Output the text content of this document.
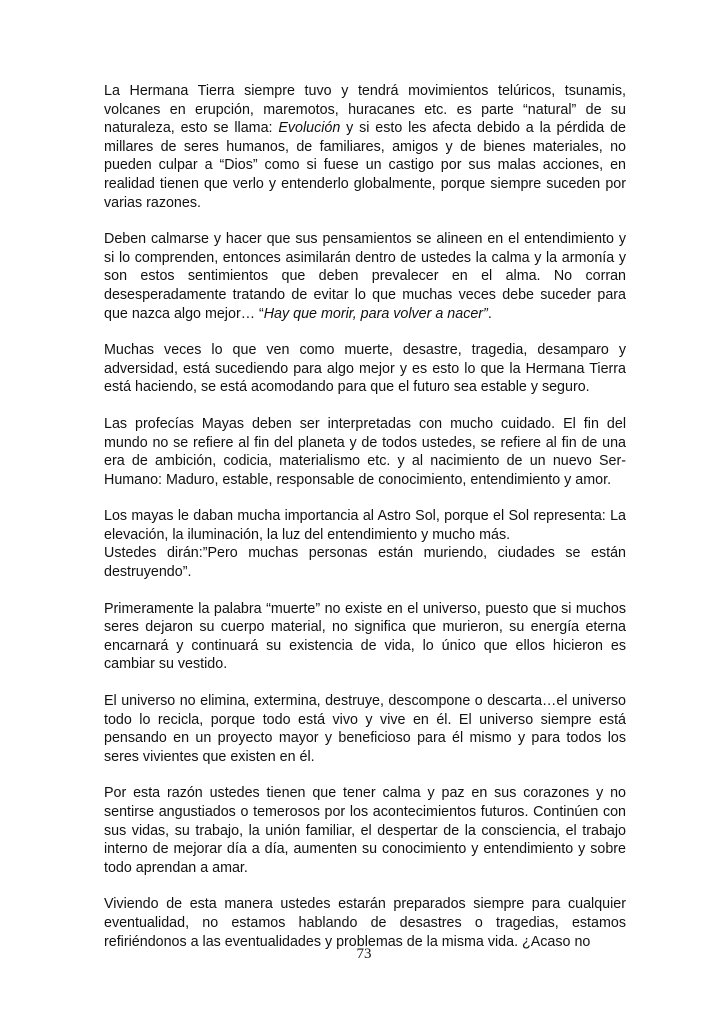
La Hermana Tierra siempre tuvo y tendrá movimientos telúricos, tsunamis, volcanes en erupción, maremotos, huracanes etc. es parte “natural” de su naturaleza, esto se llama: Evolución y si esto les afecta debido a la pérdida de millares de seres humanos, de familiares, amigos y de bienes materiales, no pueden culpar a “Dios” como si fuese un castigo por sus malas acciones, en realidad tienen que verlo y entenderlo globalmente, porque siempre suceden por varias razones.

Deben calmarse y hacer que sus pensamientos se alineen en el entendimiento y si lo comprenden, entonces asimilarán dentro de ustedes la calma y la armonía y son estos sentimientos que deben prevalecer en el alma. No corran desesperadamente tratando de evitar lo que muchas veces debe suceder para que nazca algo mejor… “Hay que morir, para volver a nacer”.

Muchas veces lo que ven como muerte, desastre, tragedia, desamparo y adversidad, está sucediendo para algo mejor y es esto lo que la Hermana Tierra está haciendo, se está acomodando para que el futuro sea estable y seguro.

Las profecías Mayas deben ser interpretadas con mucho cuidado. El fin del mundo no se refiere al fin del planeta y de todos ustedes, se refiere al fin de una era de ambición, codicia, materialismo etc. y al nacimiento de un nuevo Ser-Humano: Maduro, estable, responsable de conocimiento, entendimiento y amor.

Los mayas le daban mucha importancia al Astro Sol, porque el Sol representa: La elevación, la iluminación, la luz del entendimiento y mucho más.
Ustedes dirán:”Pero muchas personas están muriendo, ciudades se están destruyendo”.

Primeramente la palabra “muerte” no existe en el universo, puesto que si muchos seres dejaron su cuerpo material, no significa que murieron, su energía eterna encarnará y continuará su existencia de vida, lo único que ellos hicieron es cambiar su vestido.

El universo no elimina, extermina, destruye, descompone o descarta…el universo todo lo recicla, porque todo está vivo y vive en él. El universo siempre está pensando en un proyecto mayor y beneficioso para él mismo y para todos los seres vivientes que existen en él.

Por esta razón ustedes tienen que tener calma y paz en sus corazones y no sentirse angustiados o temerosos por los acontecimientos futuros. Continúen con sus vidas, su trabajo, la unión familiar, el despertar de la consciencia, el trabajo interno de mejorar día a día, aumenten su conocimiento y entendimiento y sobre todo aprendan a amar.

Viviendo de esta manera ustedes estarán preparados siempre para cualquier eventualidad, no estamos hablando de desastres o tragedias, estamos refiriéndonos a las eventualidades y problemas de la misma vida. ¿Acaso no

73
